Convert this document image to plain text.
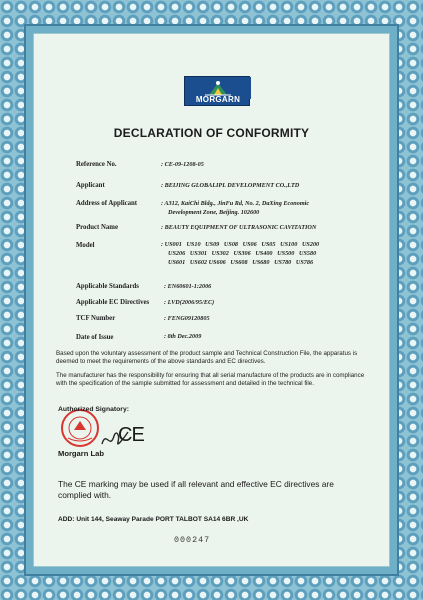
MORGARN
DECLARATION OF CONFORMITY
Reference No.	: CE-09-1208-05
Applicant	: BEIJING GLOBALIPL DEVELOPMENT CO.,LTD
Address of Applicant	: A312, KaiChi Bldg., JinFu Rd, No. 2, DaXing Economic
Development Zone, Beijing. 102600
Product Name	: BEAUTY EQUIPMENT OF ULTRASONIC CAVITATION
Model	: US001   US10   US09   US08   US06   US05   US100   US200
US206   US301   US302   US306   US400   US500   US580
US601   US602 US606   US608   US680   US780   US786
Applicable Standards	: EN60601-1:2006
Applicable EC Directives : LVD(2006/95/EC)
TCF Number	: FENG09120805
Date of Issue	: 8th Dec.2009
Based upon the voluntary assessment of the product sample and Technical Construction File, the apparatus is deemed to meet the requirements of the above standards and EC directives.
The manufacturer has the responsibility for ensuring that all serial manufacture of the products are in compliance with the specification of the sample submitted for assessment and detailed in the technical file.
Authorized Signatory:
CE
Morgarn Lab
The CE marking may be used if all relevant and effective EC directives are complied with.
ADD: Unit 144, Seaway Parade PORT TALBOT SA14 6BR ,UK
000247
